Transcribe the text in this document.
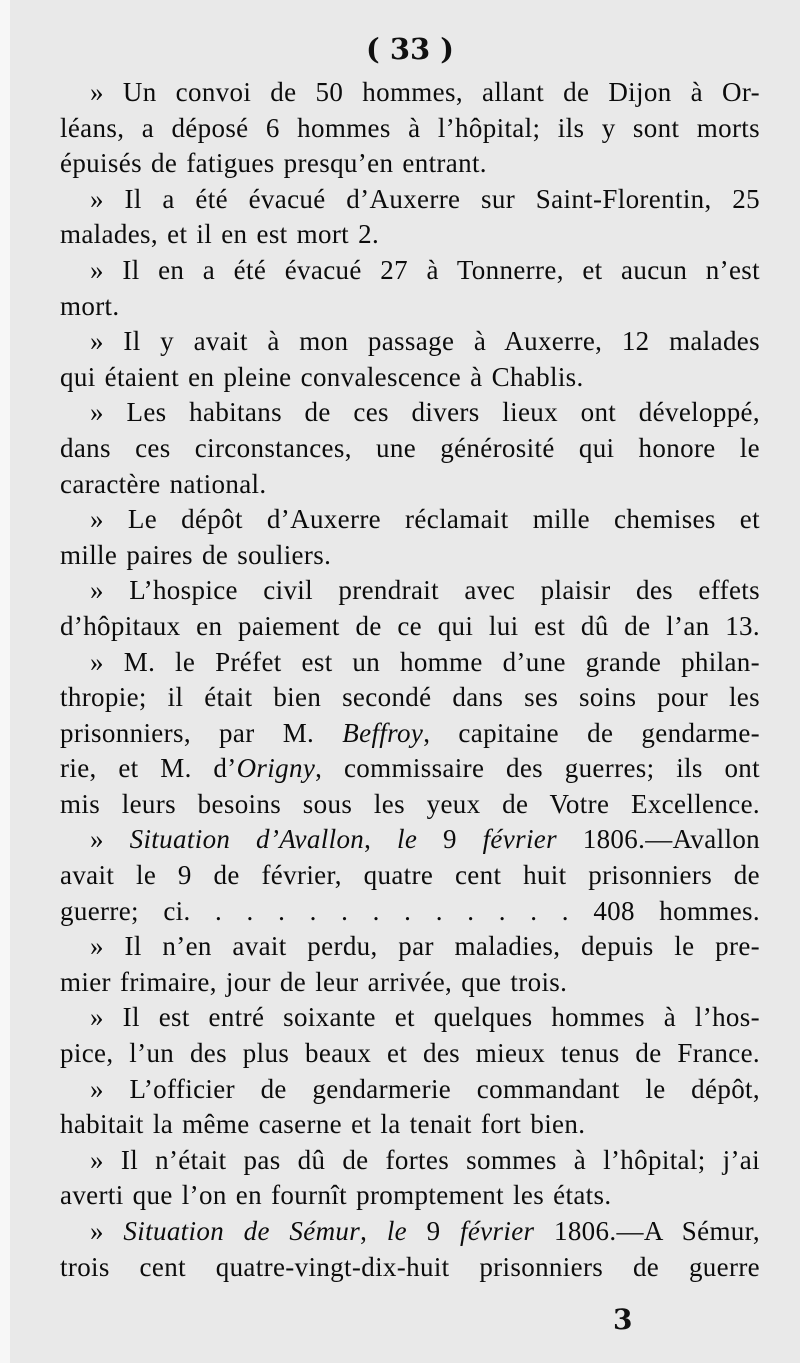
( 33 )
» Un convoi de 50 hommes, allant de Dijon à Or-
léans, a déposé 6 hommes à l’hôpital; ils y sont morts
épuisés de fatigues presqu’en entrant.
» Il a été évacué d’Auxerre sur Saint-Florentin, 25
malades, et il en est mort 2.
» Il en a été évacué 27 à Tonnerre, et aucun n’est
mort.
» Il y avait à mon passage à Auxerre, 12 malades
qui étaient en pleine convalescence à Chablis.
» Les habitans de ces divers lieux ont développé,
dans ces circonstances, une générosité qui honore le
caractère national.
» Le dépôt d’Auxerre réclamait mille chemises et
mille paires de souliers.
» L’hospice civil prendrait avec plaisir des effets
d’hôpitaux en paiement de ce qui lui est dû de l’an 13.
» M. le Préfet est un homme d’une grande philan-
thropie; il était bien secondé dans ses soins pour les
prisonniers, par M. Beffroy, capitaine de gendarme-
rie, et M. d’Origny, commissaire des guerres; ils ont
mis leurs besoins sous les yeux de Votre Excellence.
» Situation d’Avallon, le 9 février 1806.—Avallon
avait le 9 de février, quatre cent huit prisonniers de
guerre; ci. . . . . . . . . . . . . 408 hommes.
» Il n’en avait perdu, par maladies, depuis le pre-
mier frimaire, jour de leur arrivée, que trois.
» Il est entré soixante et quelques hommes à l’hos-
pice, l’un des plus beaux et des mieux tenus de France.
» L’officier de gendarmerie commandant le dépôt,
habitait la même caserne et la tenait fort bien.
» Il n’était pas dû de fortes sommes à l’hôpital; j’ai
averti que l’on en fournît promptement les états.
» Situation de Sémur, le 9 février 1806.—A Sémur,
trois cent quatre-vingt-dix-huit prisonniers de guerre
3
